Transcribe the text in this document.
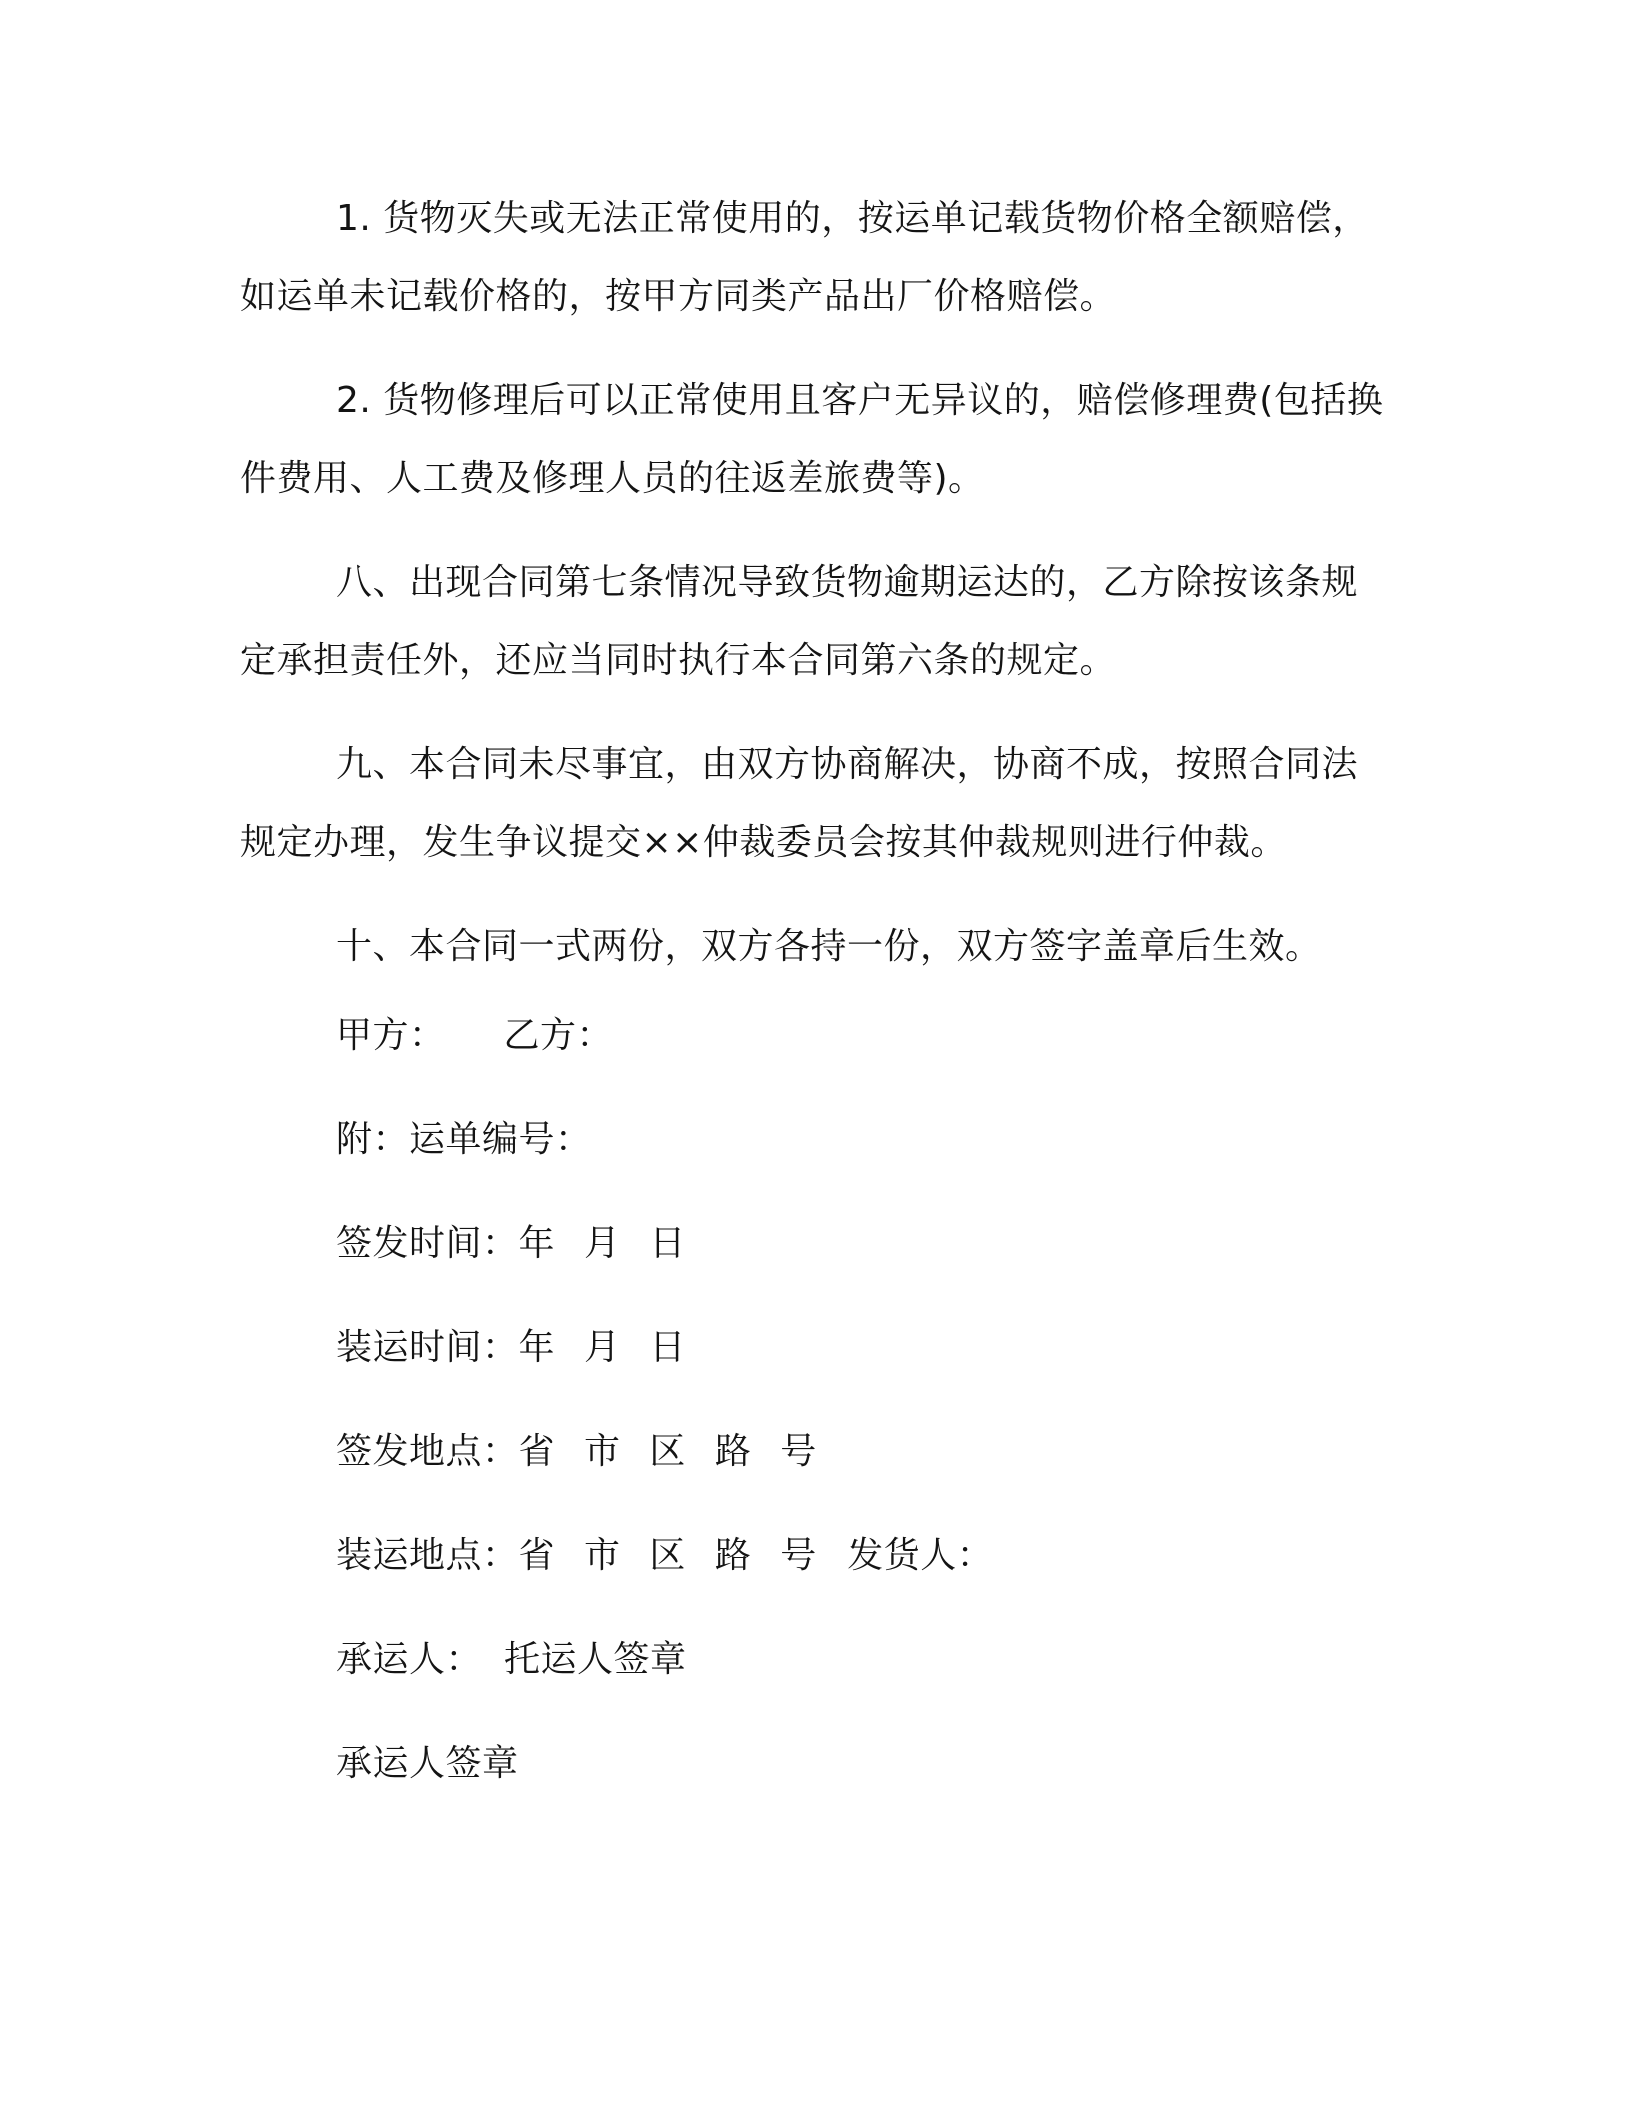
1. 货物灭失或无法正常使用的，按运单记载货物价格全额赔偿，如运单未记载价格的，按甲方同类产品出厂价格赔偿。

2. 货物修理后可以正常使用且客户无异议的，赔偿修理费(包括换件费用、人工费及修理人员的往返差旅费等)。

八、出现合同第七条情况导致货物逾期运达的，乙方除按该条规定承担责任外，还应当同时执行本合同第六条的规定。

九、本合同未尽事宜，由双方协商解决，协商不成，按照合同法规定办理，发生争议提交××仲裁委员会按其仲裁规则进行仲裁。

十、本合同一式两份，双方各持一份，双方签字盖章后生效。

甲方： 乙方：
附：运单编号：
签发时间：年 月 日
装运时间：年 月 日
签发地点：省 市 区 路 号
装运地点：省 市 区 路 号 发货人：
承运人： 托运人签章
承运人签章
